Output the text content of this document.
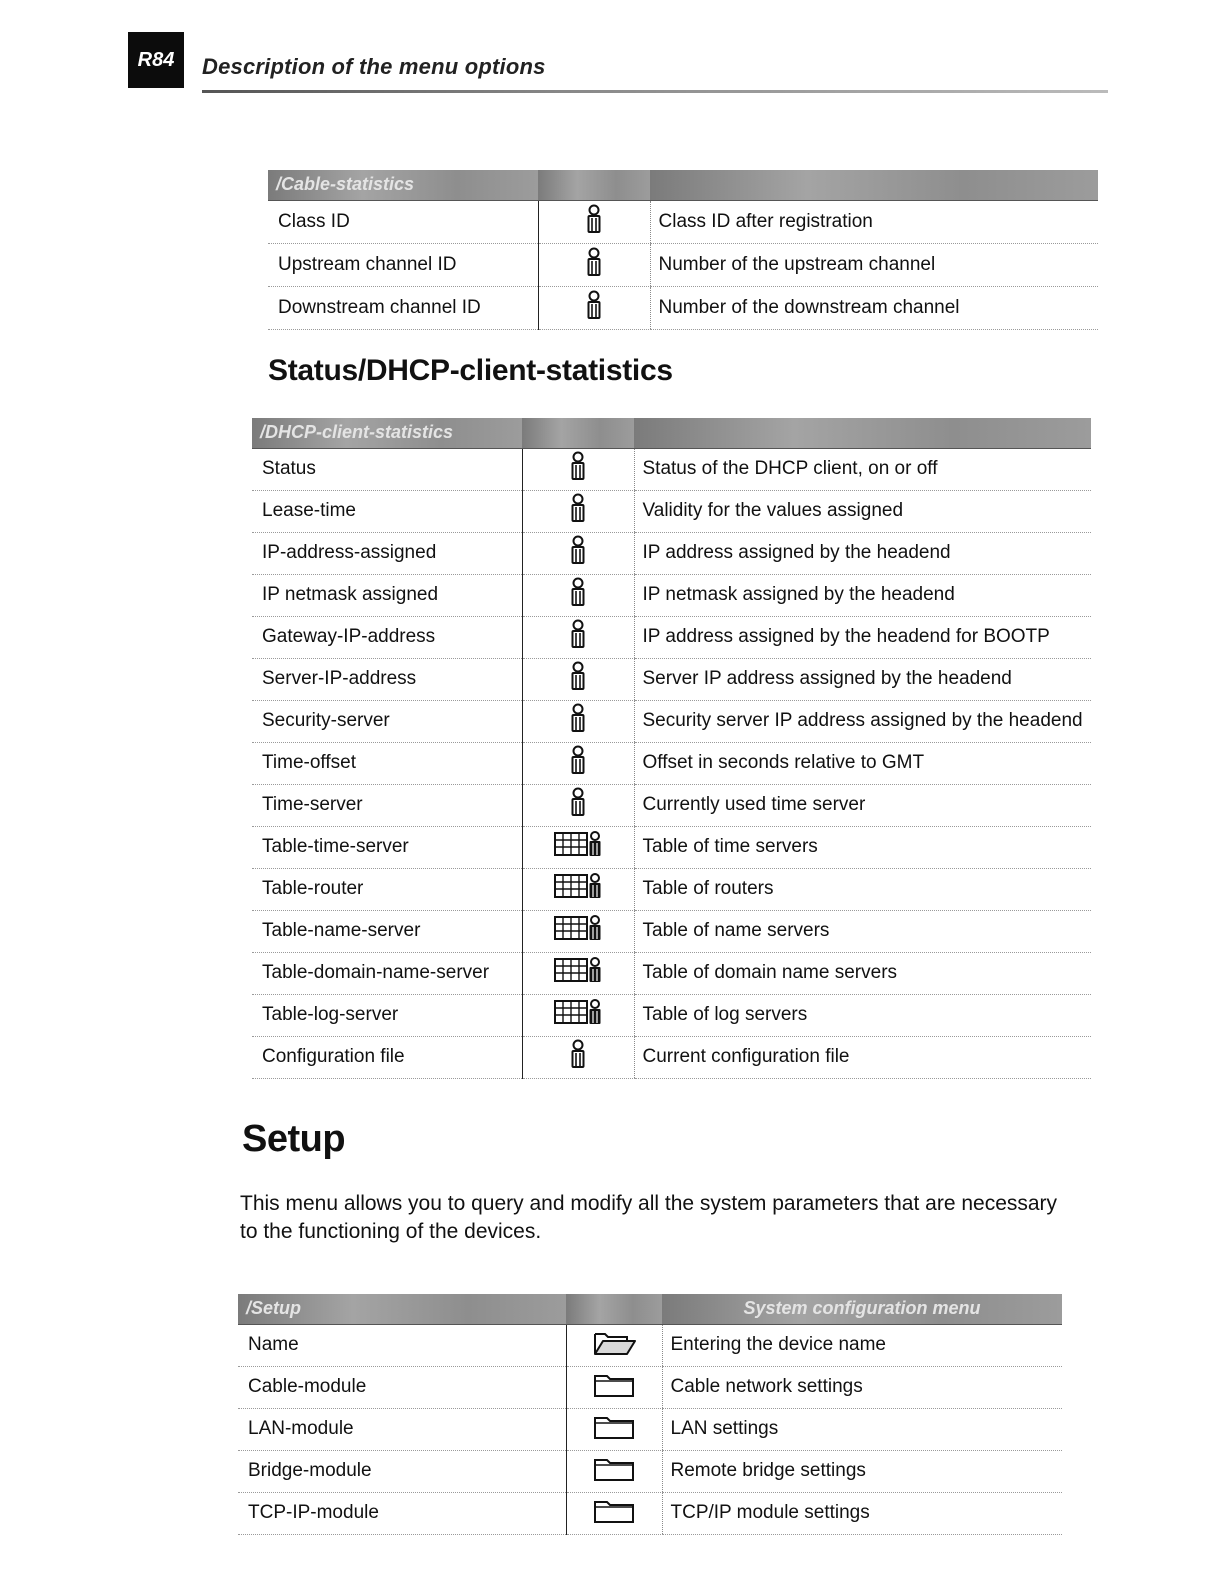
R84	Description of the menu options
/Cable-statistics		
Class ID		Class ID after registration
Upstream channel ID		Number of the upstream channel
Downstream channel ID		Number of the downstream channel
Status/DHCP-client-statistics
/DHCP-client-statistics		
Status		Status of the DHCP client, on or off
Lease-time		Validity for the values assigned
IP-address-assigned		IP address assigned by the headend
IP netmask assigned		IP netmask assigned by the headend
Gateway-IP-address		IP address assigned by the headend for BOOTP
Server-IP-address		Server IP address assigned by the headend
Security-server		Security server IP address assigned by the headend
Time-offset		Offset in seconds relative to GMT
Time-server		Currently used time server
Table-time-server		Table of time servers
Table-router		Table of routers
Table-name-server		Table of name servers
Table-domain-name-server		Table of domain name servers
Table-log-server		Table of log servers
Configuration file		Current configuration file
Setup

This menu allows you to query and modify all the system parameters that are necessary to the functioning of the devices.

/Setup		System configuration menu
Name		Entering the device name
Cable-module		Cable network settings
LAN-module		LAN settings
Bridge-module		Remote bridge settings
TCP-IP-module		TCP/IP module settings
